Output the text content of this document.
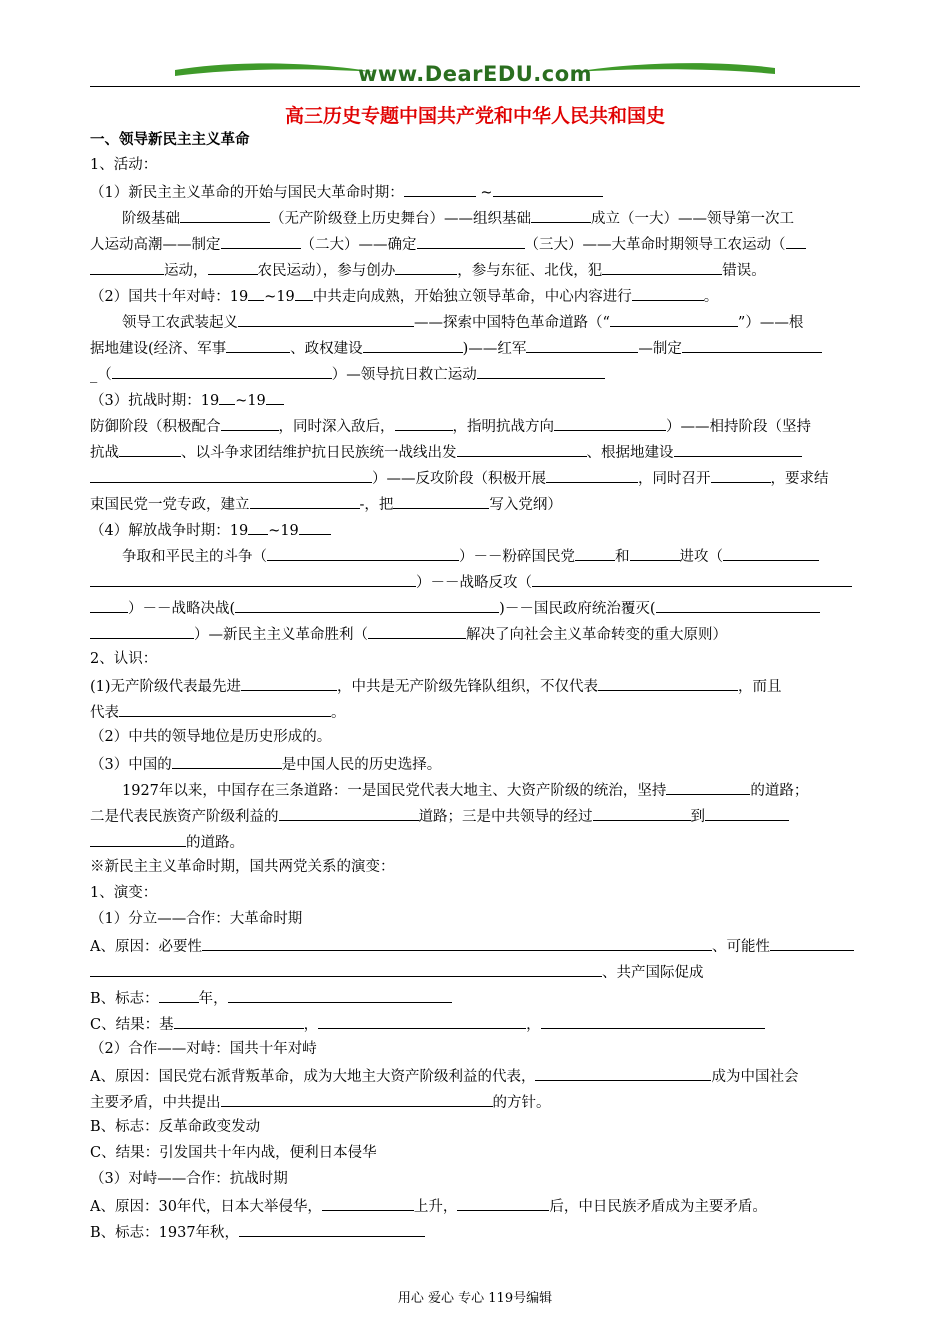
www.DearEDU.com
高三历史专题中国共产党和中华人民共和国史
一、领导新民主主义革命
1、活动：
（1）新民主主义革命的开始与国民大革命时期：	~
阶级基础	（无产阶级登上历史舞台）——组织基础	成立（一大）——领导第一次工
人运动高潮——制定	（二大）——确定	（三大）——大革命时期领导工农运动（
运动，	农民运动），参与创办	，参与东征、北伐，犯	错误。
（2）国共十年对峙：19 ~19 中共走向成熟，开始独立领导革命，中心内容进行	。
领导工农武装起义	——探索中国特色革命道路（“	”）——根
据地建设(经济、军事	、政权建设	)——红军	—制定
_（	）—领导抗日救亡运动
（3）抗战时期：19 ~19
防御阶段（积极配合	，同时深入敌后，	，指明抗战方向	）——相持阶段（坚持
抗战	、以斗争求团结维护抗日民族统一战线出发	、根据地建设
）——反攻阶段（积极开展	，同时召开	，要求结
束国民党一党专政，建立	-，把	写入党纲）
（4）解放战争时期：19 ~19
争取和平民主的斗争（	）－－粉碎国民党	和	进攻（
）－－战略反攻（
）－－战略决战(	)－－国民政府统治覆灭(
）—新民主主义革命胜利（	解决了向社会主义革命转变的重大原则）
2、认识：
(1)无产阶级代表最先进	，中共是无产阶级先锋队组织，不仅代表	，而且
代表	。
（2）中共的领导地位是历史形成的。
（3）中国的	是中国人民的历史选择。
1927年以来，中国存在三条道路：一是国民党代表大地主、大资产阶级的统治，坚持	的道路；
二是代表民族资产阶级利益的	道路；三是中共领导的经过	到
的道路。
※新民主主义革命时期，国共两党关系的演变：
1、演变：
（1）分立——合作：大革命时期
A、原因：必要性	、可能性
、共产国际促成
B、标志：	年，
C、结果：基	，	，
（2）合作——对峙：国共十年对峙
A、原因：国民党右派背叛革命，成为大地主大资产阶级利益的代表，	成为中国社会
主要矛盾，中共提出	的方针。
B、标志：反革命政变发动
C、结果：引发国共十年内战，便利日本侵华
（3）对峙——合作：抗战时期
A、原因：30年代，日本大举侵华，	上升，	后，中日民族矛盾成为主要矛盾。
B、标志：1937年秋，
用心 爱心 专心 119号编辑
